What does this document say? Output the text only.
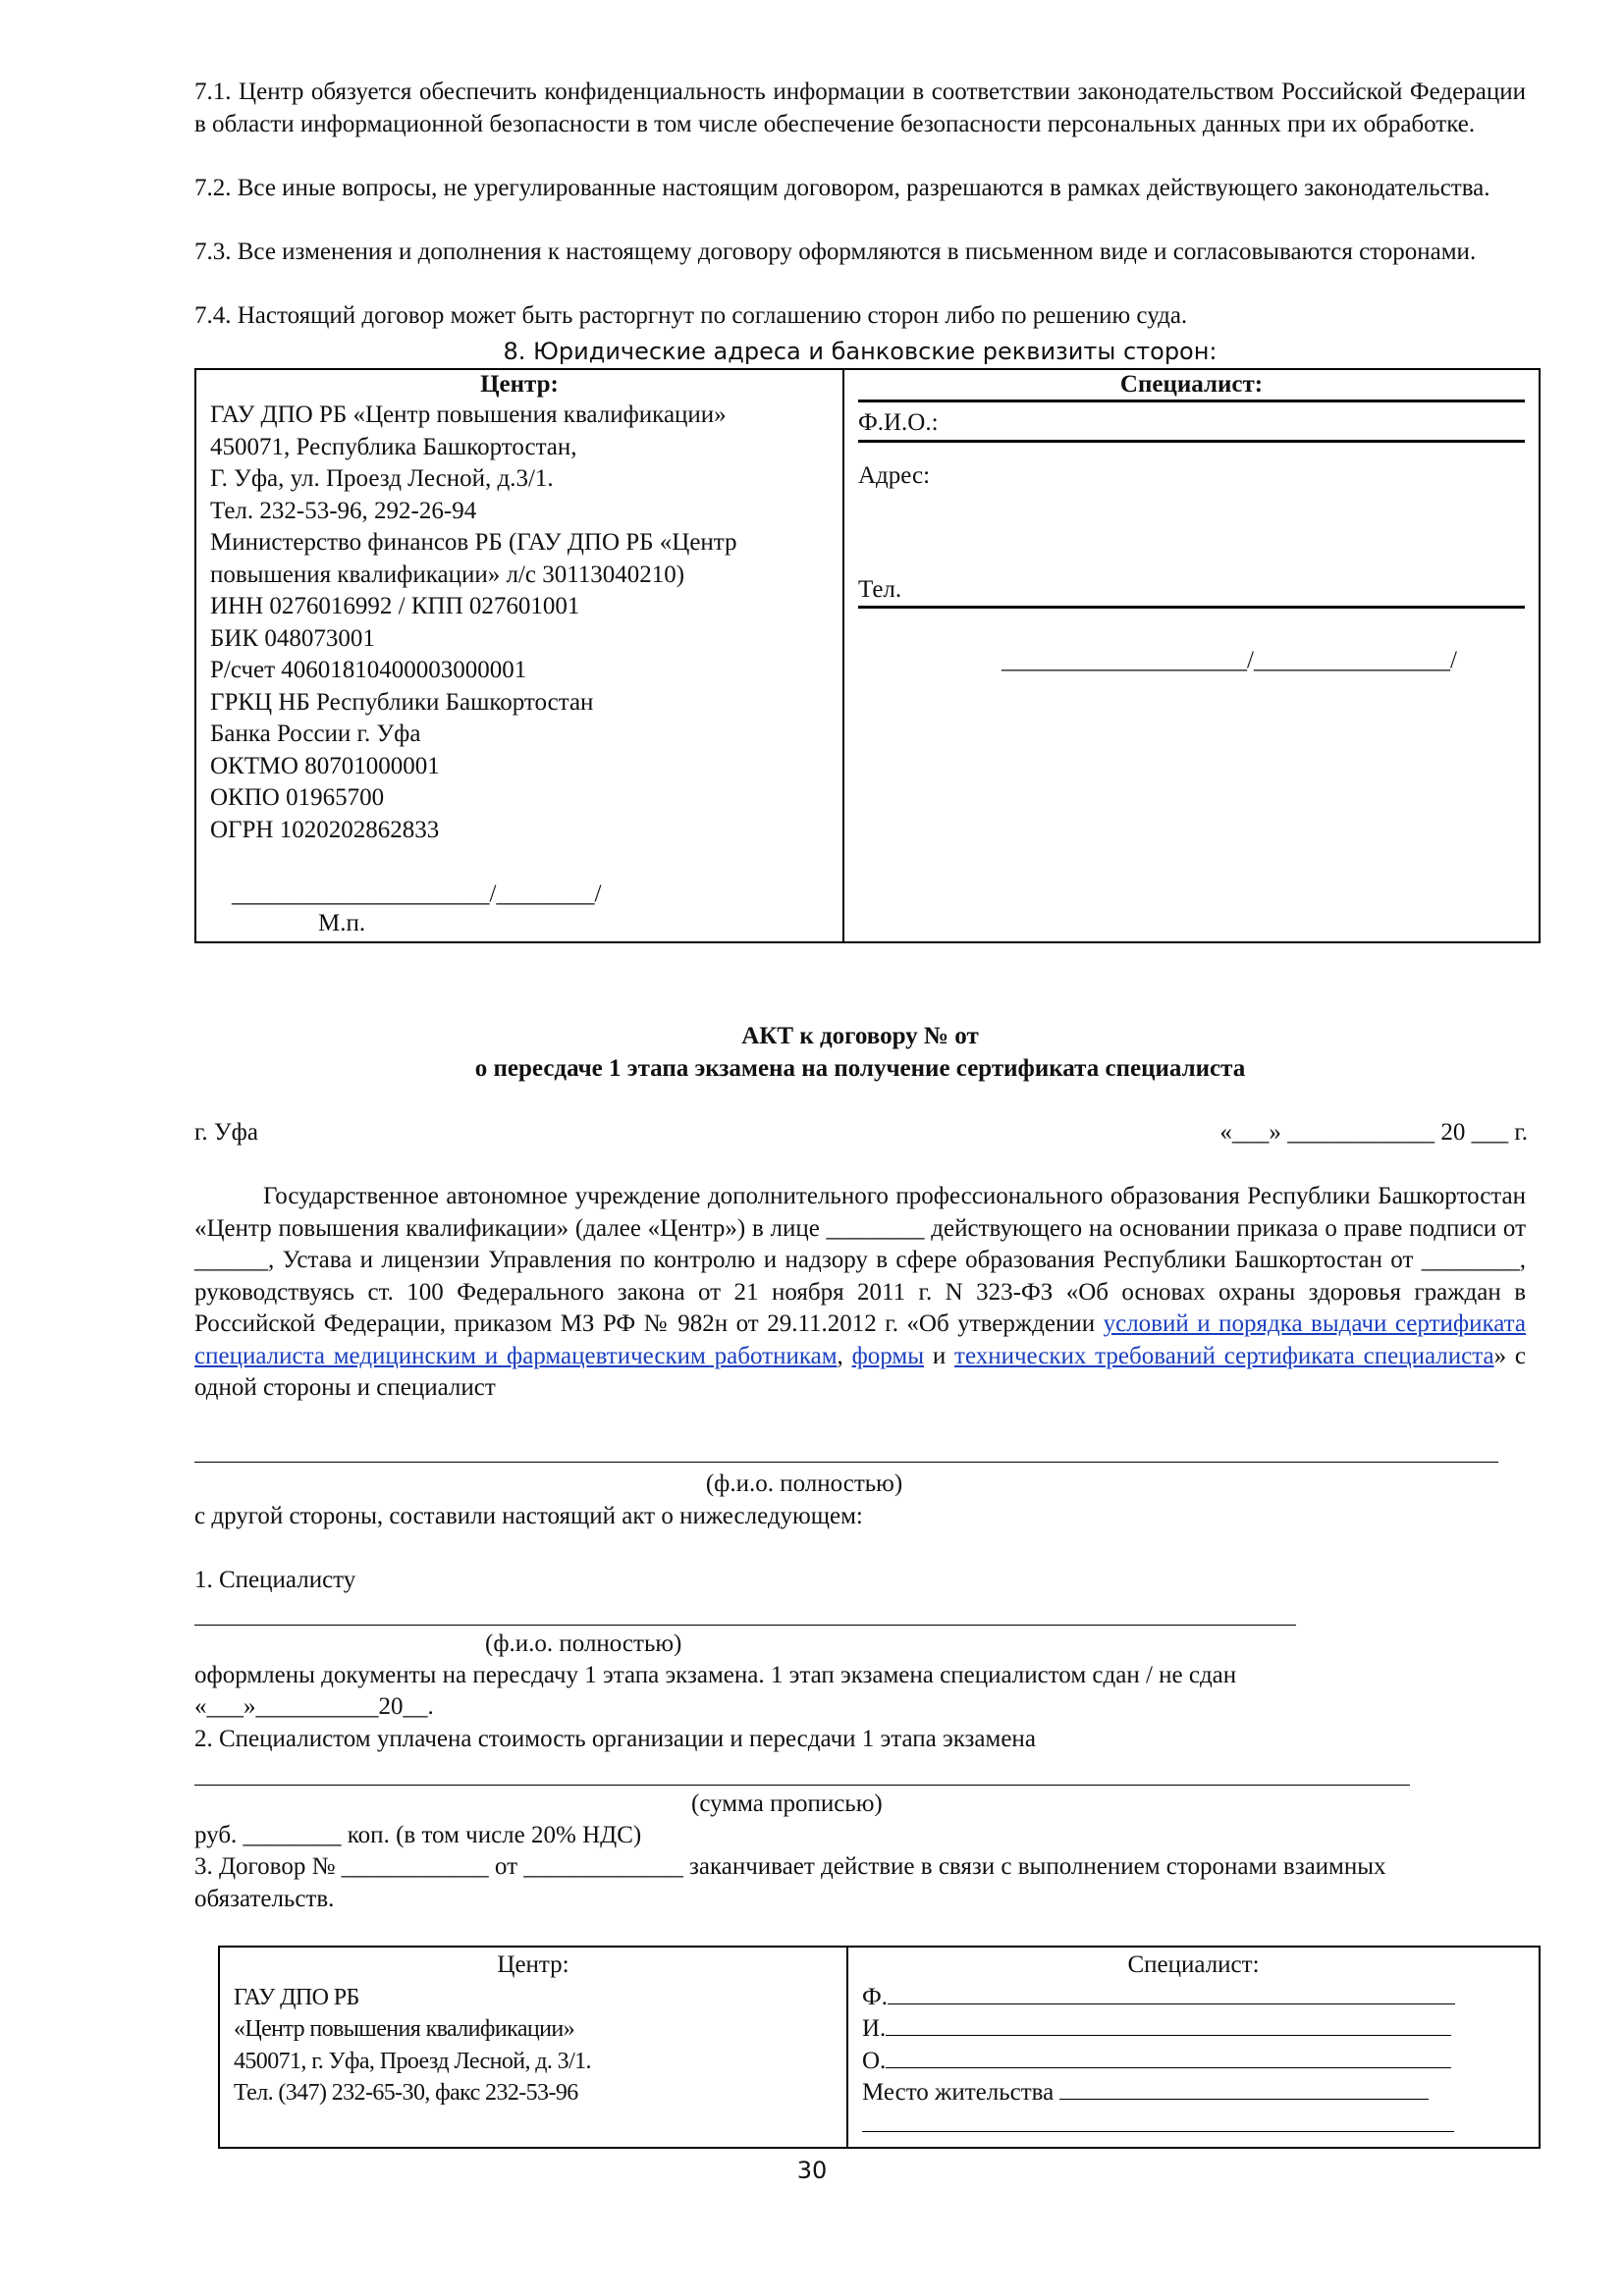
7.1. Центр обязуется обеспечить конфиденциальность информации в соответствии законодательством Российской Федерации в области информационной безопасности в том числе обеспечение безопасности персональных данных при их обработке.

7.2. Все иные вопросы, не урегулированные настоящим договором, разрешаются в рамках действующего законодательства.

7.3. Все изменения и дополнения к настоящему договору оформляются в письменном виде и согласовываются сторонами.

7.4. Настоящий договор может быть расторгнут по соглашению сторон либо по решению суда.

8. Юридические адреса и банковские реквизиты сторон:
Центр:
ГАУ ДПО РБ «Центр повышения квалификации»
450071, Республика Башкортостан,
Г. Уфа, ул. Проезд Лесной, д.3/1.
Тел. 232-53-96, 292-26-94
Министерство финансов РБ (ГАУ ДПО РБ «Центр
повышения квалификации» л/с 30113040210)
ИНН 0276016992 / КПП 027601001
БИК 048073001
Р/счет 40601810400003000001
ГРКЦ НБ Республики Башкортостан
Банка России г. Уфа
ОКТМО 80701000001
ОКПО 01965700
ОГРН 1020202862833
_____________________/________/
М.п.

Специалист:
Ф.И.О.:
Адрес:
Тел.
____________________/________________/
АКТ к договору № от
о пересдаче 1 этапа экзамена на получение сертификата специалиста
г. Уфа	«___» ____________ 20 ___ г.

Государственное автономное учреждение дополнительного профессионального образования Республики Башкортостан «Центр повышения квалификации» (далее «Центр») в лице ________ действующего на основании приказа о праве подписи от ______, Устава и лицензии Управления по контролю и надзору в сфере образования Республики Башкортостан от ________, руководствуясь ст. 100 Федерального закона от 21 ноября 2011 г. N 323-ФЗ «Об основах охраны здоровья граждан в Российской Федерации, приказом МЗ РФ № 982н от 29.11.2012 г. «Об утверждении условий и порядка выдачи сертификата специалиста медицинским и фармацевтическим работникам, формы и технических требований сертификата специалиста» с одной стороны и специалист

(ф.и.о. полностью)
с другой стороны, составили настоящий акт о нижеследующем:
1. Специалисту
(ф.и.о. полностью)
оформлены документы на пересдачу 1 этапа экзамена. 1 этап экзамена специалистом сдан / не сдан
«___»__________20__.
2. Специалистом уплачена стоимость организации и пересдачи 1 этапа экзамена
(сумма прописью)
руб. ________ коп. (в том числе 20% НДС)

3. Договор № ____________ от _____________ заканчивает действие в связи с выполнением сторонами взаимных обязательств.

Центр:
ГАУ ДПО РБ
«Центр повышения квалификации»
450071, г. Уфа, Проезд Лесной, д. 3/1.
Тел. (347) 232-65-30, факс 232-53-96

Специалист:
Ф.
И.
О.
Место жительства
30
